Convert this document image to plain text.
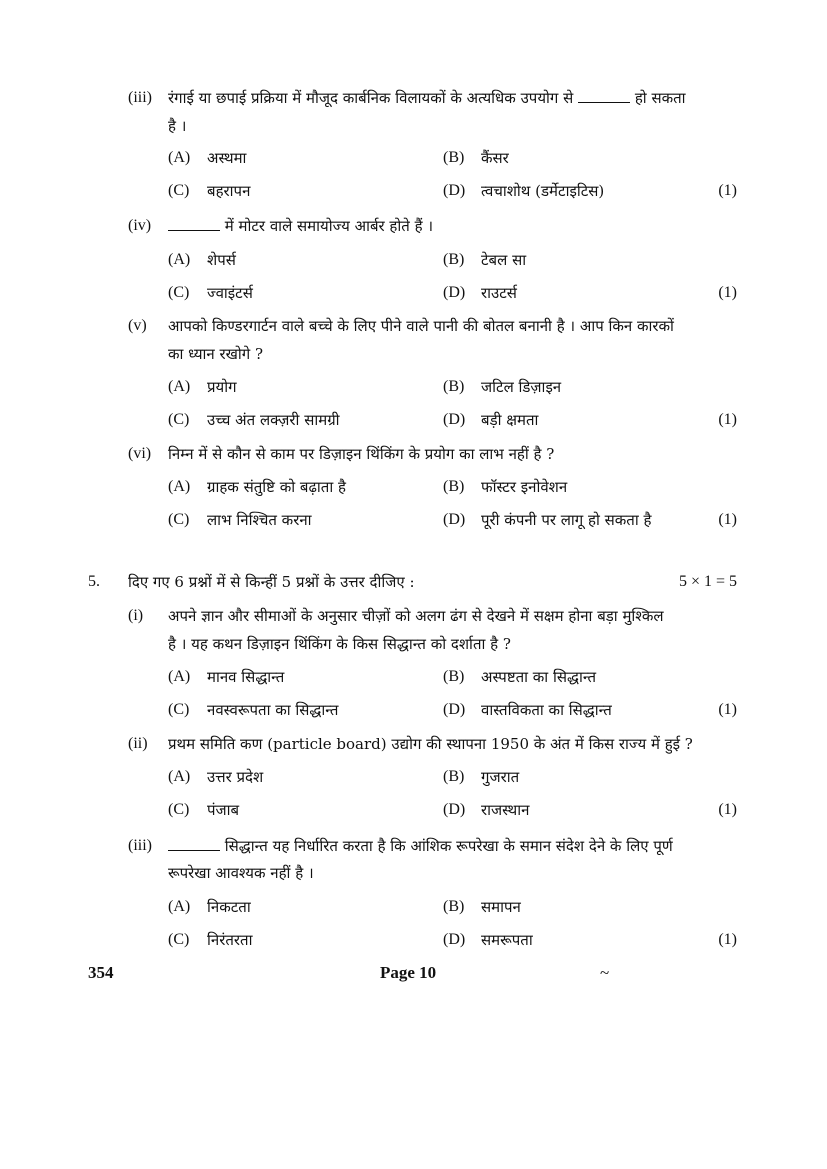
(iii) रंगाई या छपाई प्रक्रिया में मौजूद कार्बनिक विलायकों के अत्यधिक उपयोग से	हो सकता
है ।
(A) अस्थमा	(B) कैंसर
(C) बहरापन	(D) त्वचाशोथ (डर्मेटाइटिस)	(1)
(iv)	में मोटर वाले समायोज्य आर्बर होते हैं ।
(A) शेपर्स	(B) टेबल सा
(C) ज्वाइंटर्स	(D) राउटर्स	(1)
(v) आपको किण्डरगार्टन वाले बच्चे के लिए पीने वाले पानी की बोतल बनानी है । आप किन कारकों
का ध्यान रखोगे ?
(A) प्रयोग	(B) जटिल डिज़ाइन
(C) उच्च अंत लक्ज़री सामग्री	(D) बड़ी क्षमता	(1)
(vi) निम्न में से कौन से काम पर डिज़ाइन थिंकिंग के प्रयोग का लाभ नहीं है ?
(A) ग्राहक संतुष्टि को बढ़ाता है	(B) फॉस्टर इनोवेशन
(C) लाभ निश्चित करना	(D) पूरी कंपनी पर लागू हो सकता है	(1)
5. दिए गए 6 प्रश्नों में से किन्हीं 5 प्रश्नों के उत्तर दीजिए :	5 × 1 = 5
(i) अपने ज्ञान और सीमाओं के अनुसार चीज़ों को अलग ढंग से देखने में सक्षम होना बड़ा मुश्किल
है । यह कथन डिज़ाइन थिंकिंग के किस सिद्धान्त को दर्शाता है ?
(A) मानव सिद्धान्त	(B) अस्पष्टता का सिद्धान्त
(C) नवस्वरूपता का सिद्धान्त	(D) वास्तविकता का सिद्धान्त	(1)
(ii) प्रथम समिति कण (particle board) उद्योग की स्थापना 1950 के अंत में किस राज्य में हुई ?
(A) उत्तर प्रदेश	(B) गुजरात
(C) पंजाब	(D) राजस्थान	(1)
(iii)	सिद्धान्त यह निर्धारित करता है कि आंशिक रूपरेखा के समान संदेश देने के लिए पूर्ण
रूपरेखा आवश्यक नहीं है ।
(A) निकटता	(B) समापन
(C) निरंतरता	(D) समरूपता	(1)
354	Page 10	~
